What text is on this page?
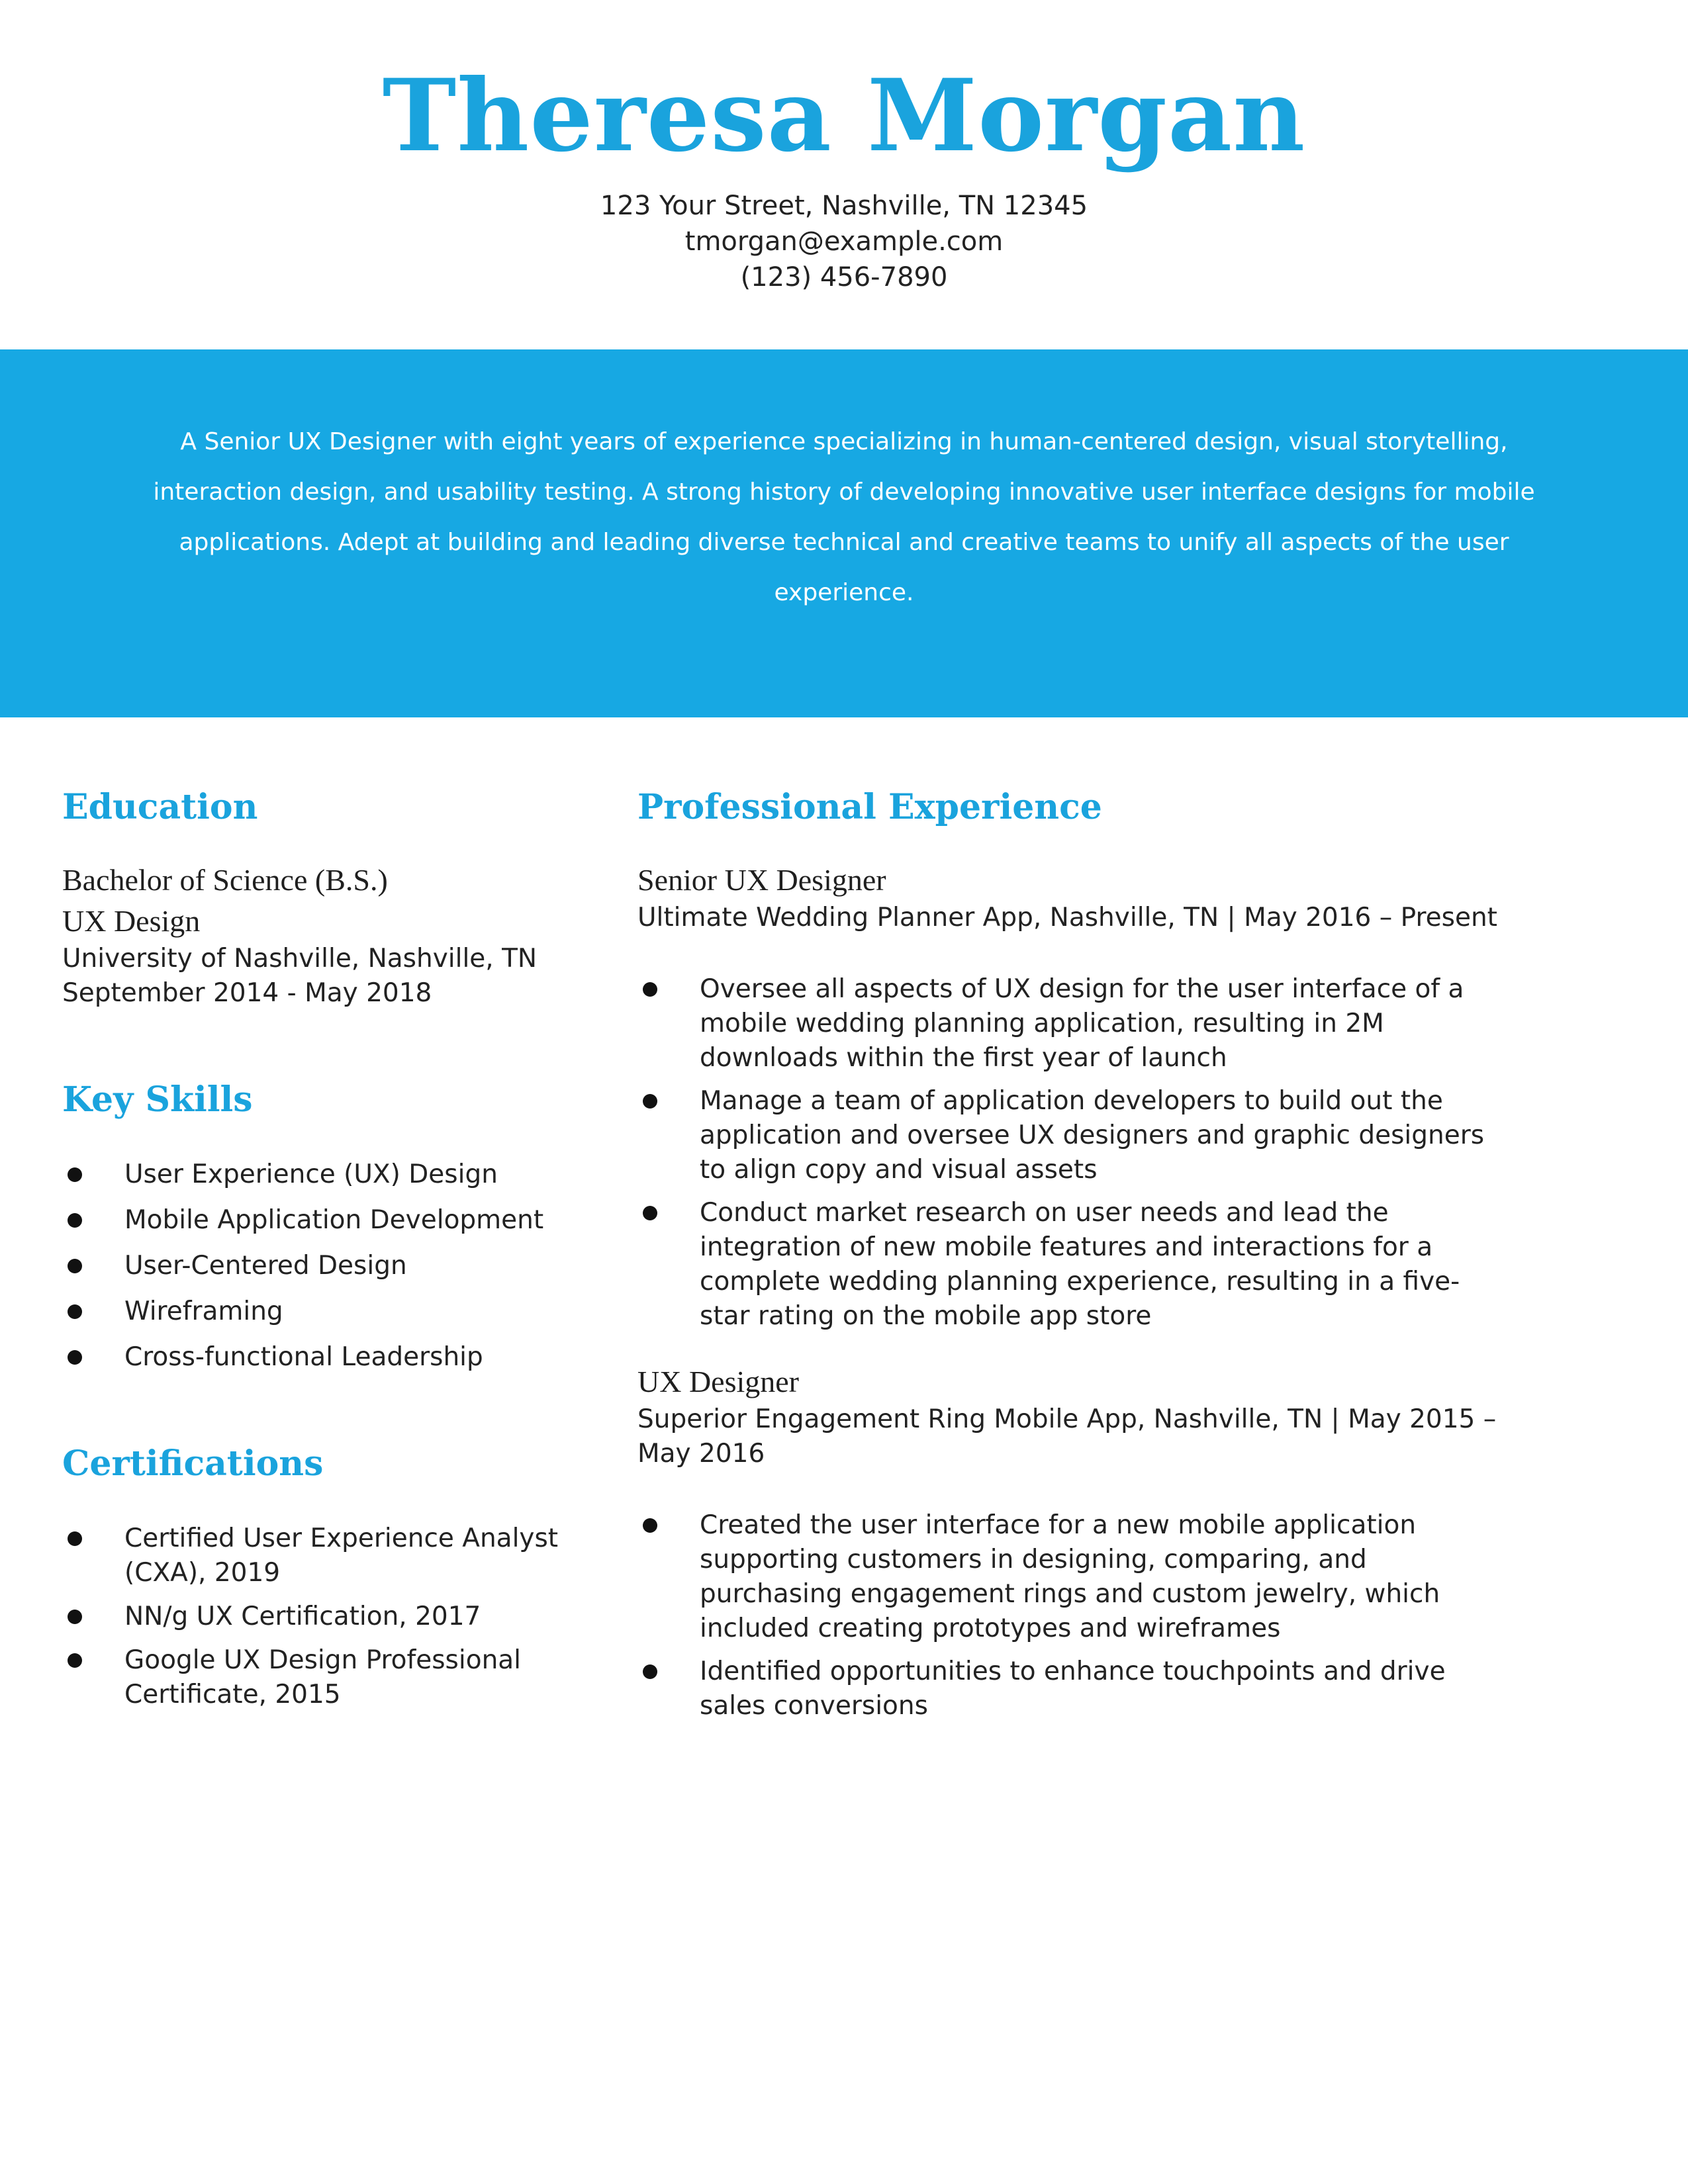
Theresa Morgan
123 Your Street, Nashville, TN 12345
tmorgan@example.com
(123) 456-7890
A Senior UX Designer with eight years of experience specializing in human-centered design, visual storytelling, interaction design, and usability testing. A strong history of developing innovative user interface designs for mobile applications. Adept at building and leading diverse technical and creative teams to unify all aspects of the user experience.
Education
Bachelor of Science (B.S.)
UX Design
University of Nashville, Nashville, TN
September 2014 - May 2018
Key Skills
User Experience (UX) Design
Mobile Application Development
User-Centered Design
Wireframing
Cross-functional Leadership
Certifications
Certified User Experience Analyst (CXA), 2019
NN/g UX Certification, 2017
Google UX Design Professional Certificate, 2015
Professional Experience
Senior UX Designer
Ultimate Wedding Planner App, Nashville, TN | May 2016 – Present
Oversee all aspects of UX design for the user interface of a mobile wedding planning application, resulting in 2M downloads within the first year of launch
Manage a team of application developers to build out the application and oversee UX designers and graphic designers to align copy and visual assets
Conduct market research on user needs and lead the integration of new mobile features and interactions for a complete wedding planning experience, resulting in a five-star rating on the mobile app store
UX Designer
Superior Engagement Ring Mobile App, Nashville, TN | May 2015 – May 2016
Created the user interface for a new mobile application supporting customers in designing, comparing, and purchasing engagement rings and custom jewelry, which included creating prototypes and wireframes
Identified opportunities to enhance touchpoints and drive sales conversions
